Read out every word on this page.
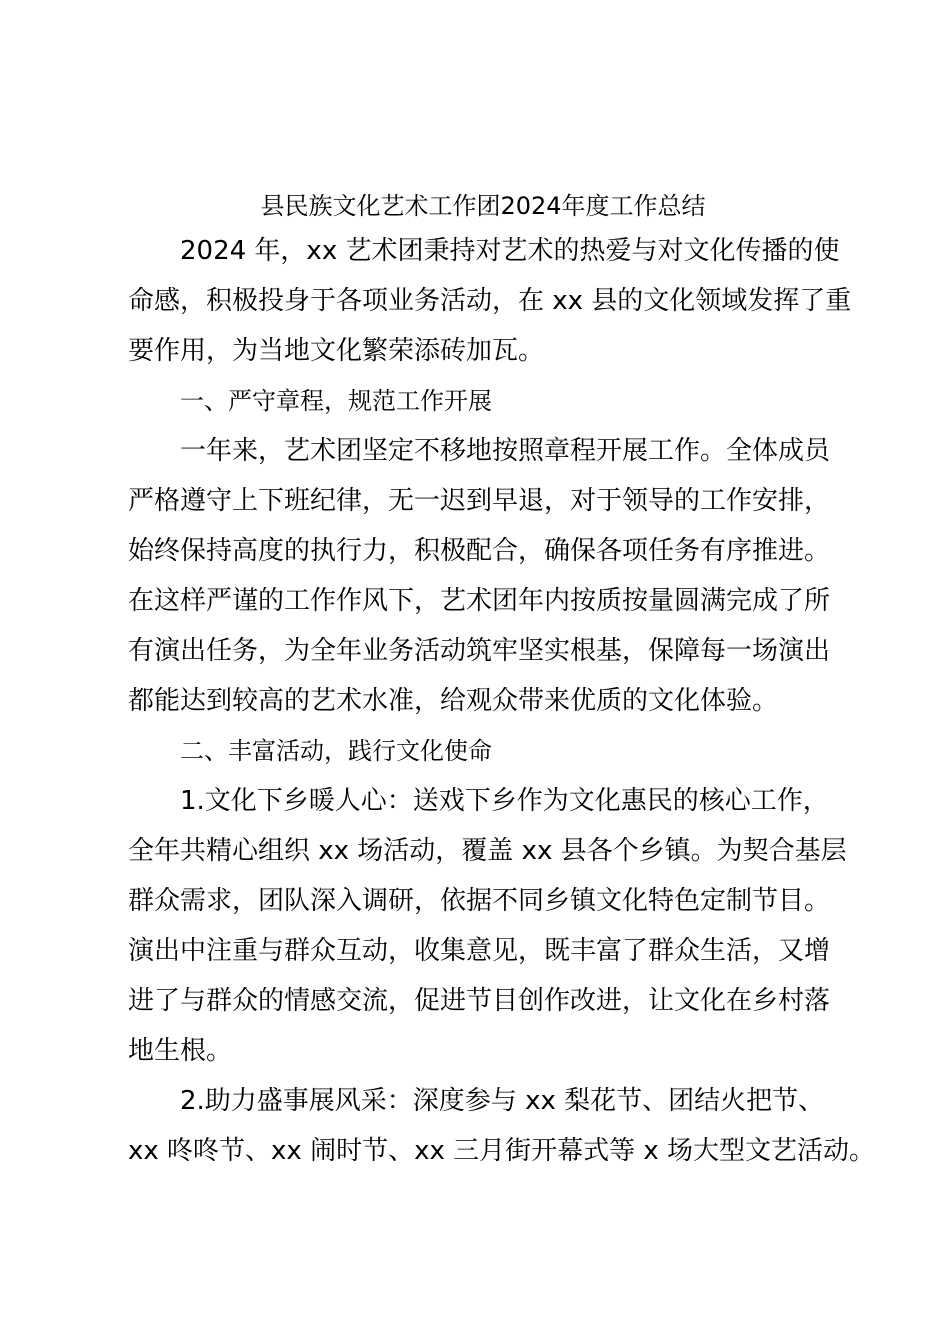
县民族文化艺术工作团2024年度工作总结
2024 年，xx 艺术团秉持对艺术的热爱与对文化传播的使
命感，积极投身于各项业务活动，在 xx 县的文化领域发挥了重
要作用，为当地文化繁荣添砖加瓦。
一、严守章程，规范工作开展
一年来，艺术团坚定不移地按照章程开展工作。全体成员
严格遵守上下班纪律，无一迟到早退，对于领导的工作安排，
始终保持高度的执行力，积极配合，确保各项任务有序推进。
在这样严谨的工作作风下，艺术团年内按质按量圆满完成了所
有演出任务，为全年业务活动筑牢坚实根基，保障每一场演出
都能达到较高的艺术水准，给观众带来优质的文化体验。
二、丰富活动，践行文化使命
1.文化下乡暖人心：送戏下乡作为文化惠民的核心工作，
全年共精心组织 xx 场活动，覆盖 xx 县各个乡镇。为契合基层
群众需求，团队深入调研，依据不同乡镇文化特色定制节目。
演出中注重与群众互动，收集意见，既丰富了群众生活，又增
进了与群众的情感交流，促进节目创作改进，让文化在乡村落
地生根。
2.助力盛事展风采：深度参与 xx 梨花节、团结火把节、
xx 咚咚节、xx 闹时节、xx 三月街开幕式等 x 场大型文艺活动。
